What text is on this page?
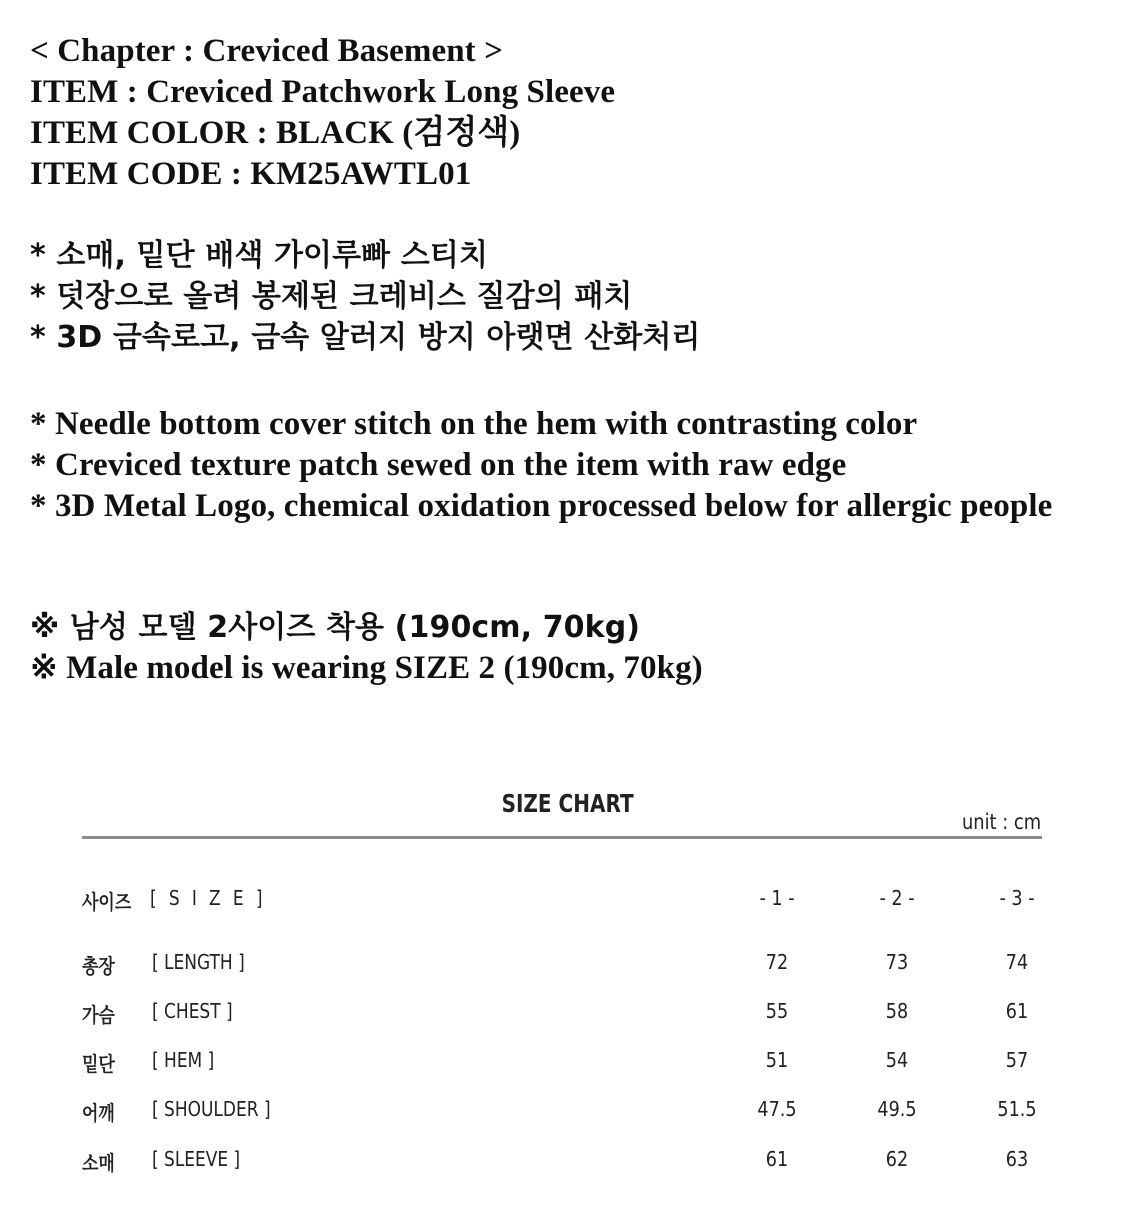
< Chapter : Creviced Basement >
ITEM : Creviced Patchwork Long Sleeve
ITEM COLOR : BLACK (검정색)
ITEM CODE : KM25AWTL01
* 소매, 밑단 배색 가이루빠 스티치
* 덧장으로 올려 봉제된 크레비스 질감의 패치
* 3D 금속로고, 금속 알러지 방지 아랫면 산화처리
* Needle bottom cover stitch on the hem with contrasting color
* Creviced texture patch sewed on the item with raw edge
* 3D Metal Logo, chemical oxidation processed below for allergic people
※ 남성 모델 2사이즈 착용 (190cm, 70kg)
※ Male model is wearing SIZE 2 (190cm, 70kg)
SIZE CHART
unit : cm
사이즈 [ S I Z E ]	- 1 -	- 2 -	- 3 -
총장 [ LENGTH ]	72	73	74
가슴 [ CHEST ]	55	58	61
밑단 [ HEM ]	51	54	57
어깨 [ SHOULDER ]	47.5	49.5	51.5
소매 [ SLEEVE ]	61	62	63
